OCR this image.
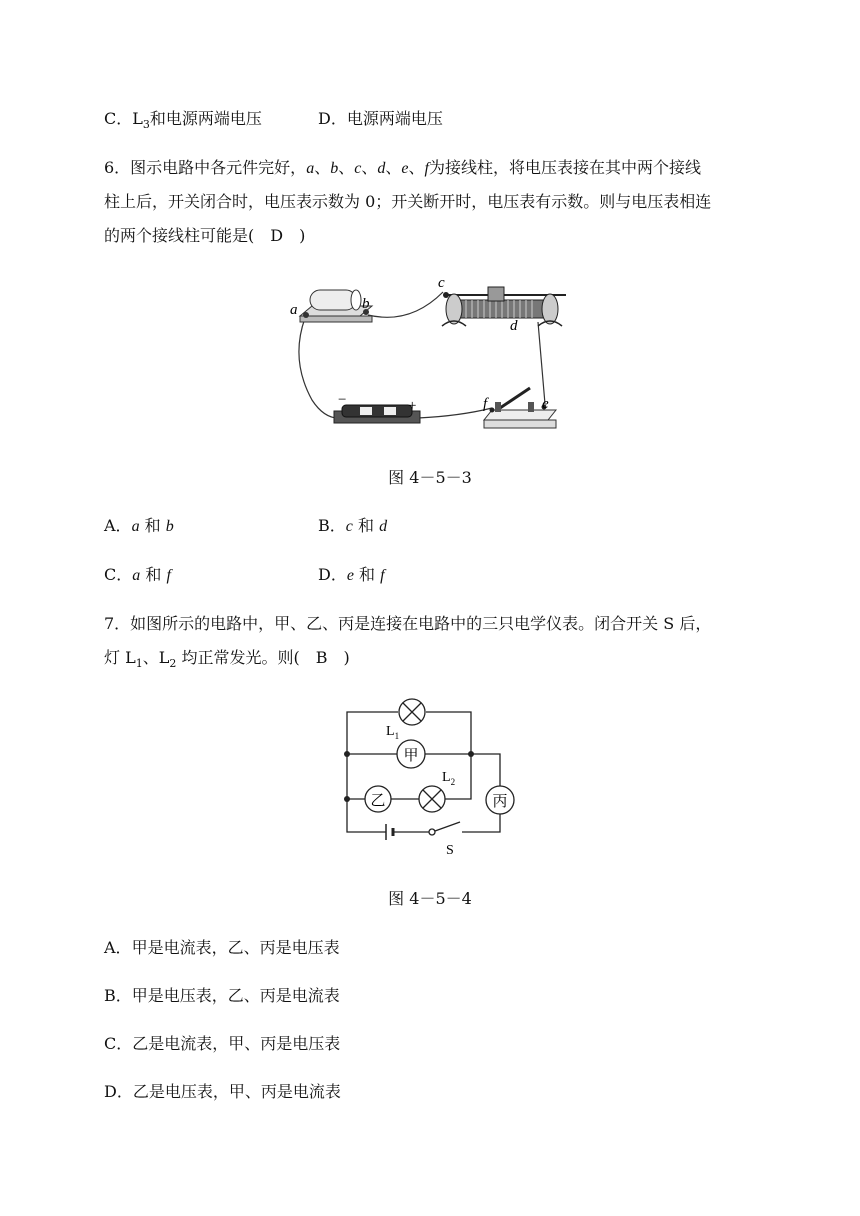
C．$L_3$和电源两端电压	D．电源两端电压
6．图示电路中各元件完好，a、b、c、d、e、f为接线柱，将电压表接在其中两个接线
柱上后，开关闭合时，电压表示数为 0；开关断开时，电压表有示数。则与电压表相连
的两个接线柱可能是(　D　)
a	b
c
d
e
f
−	+
图 4－5－3
A．a 和 b	B．c 和 d
C．a 和 f	D．e 和 f
7．如图所示的电路中，甲、乙、丙是连接在电路中的三只电学仪表。闭合开关 S 后，
灯 $L_1$、$L_2$ 均正常发光。则(　B　)
甲
乙	丙
$L_1$
$L_2$
S
图 4－5－4
A．甲是电流表，乙、丙是电压表
B．甲是电压表，乙、丙是电流表
C．乙是电流表，甲、丙是电压表
D．乙是电压表，甲、丙是电流表
